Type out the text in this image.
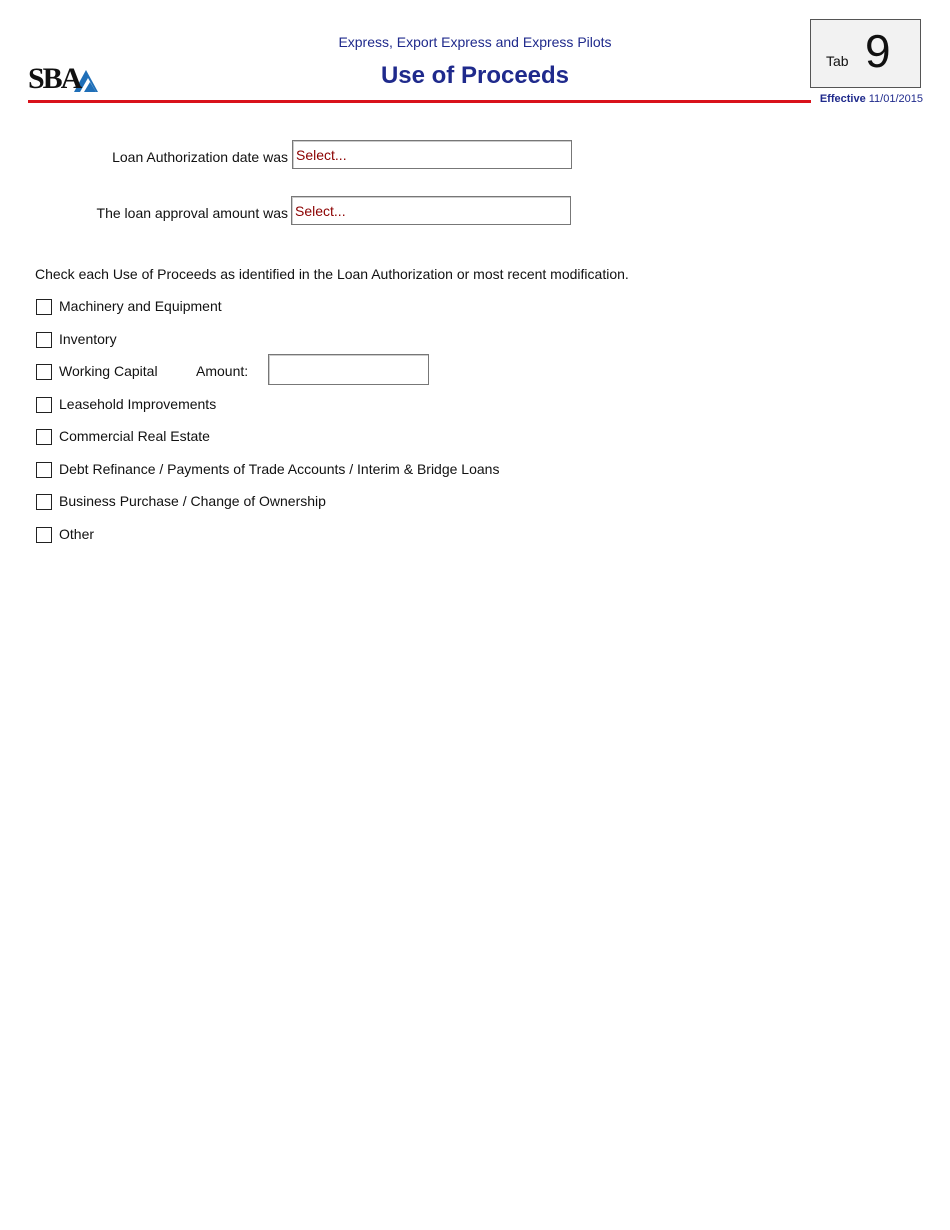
SBA
Express, Export Express and Express Pilots
Use of Proceeds
Tab 9
Effective 11/01/2015
Loan Authorization date was Select...
The loan approval amount was Select...
Check each Use of Proceeds as identified in the Loan Authorization or most recent modification.
Machinery and Equipment
Inventory
Working Capital	Amount:
Leasehold Improvements
Commercial Real Estate
Debt Refinance / Payments of Trade Accounts / Interim & Bridge Loans
Business Purchase / Change of Ownership
Other
